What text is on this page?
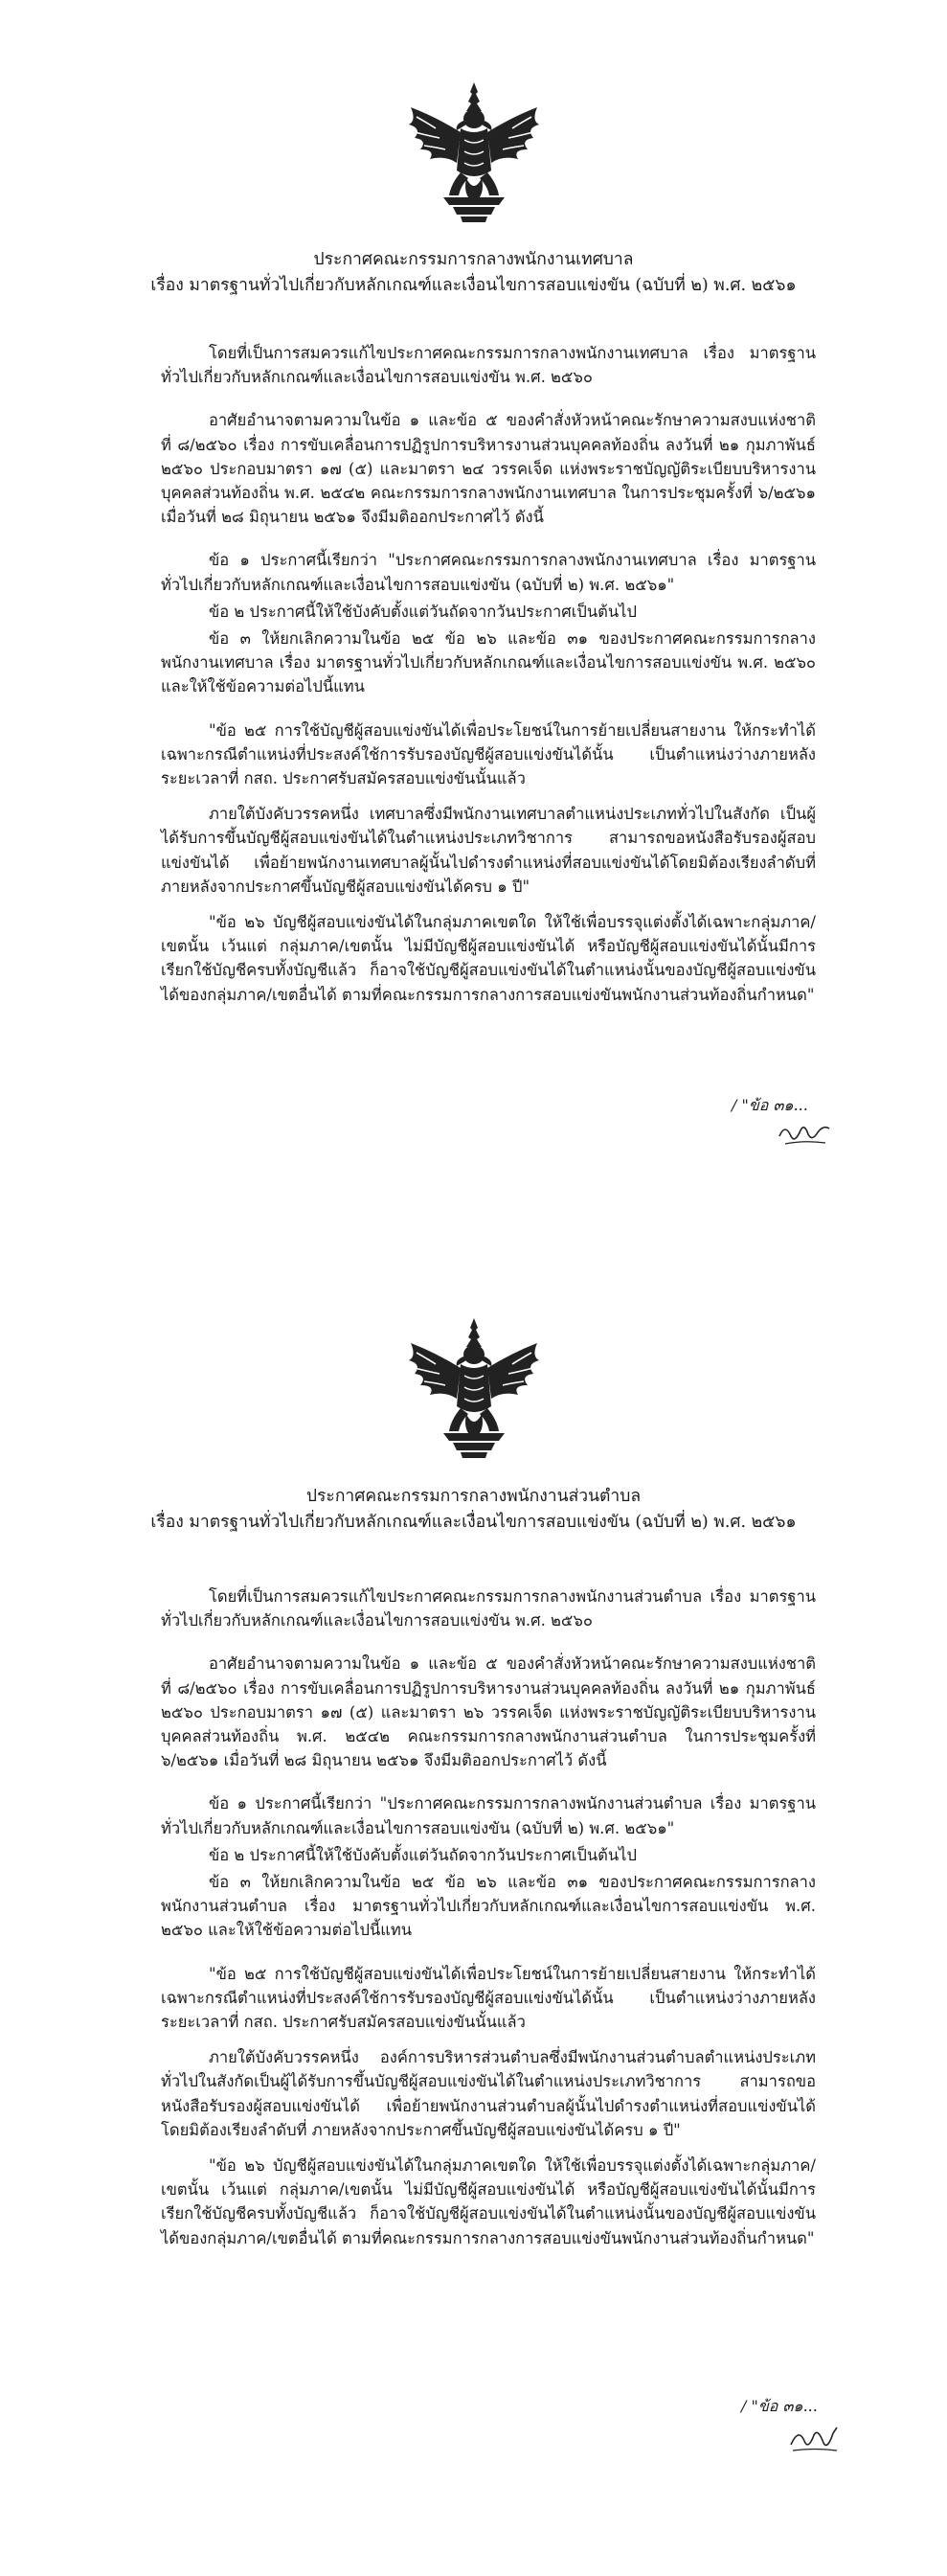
ประกาศคณะกรรมการกลางพนักงานเทศบาล
เรื่อง มาตรฐานทั่วไปเกี่ยวกับหลักเกณฑ์และเงื่อนไขการสอบแข่งขัน (ฉบับที่ ๒) พ.ศ. ๒๕๖๑

โดยที่เป็นการสมควรแก้ไขประกาศคณะกรรมการกลางพนักงานเทศบาล เรื่อง มาตรฐานทั่วไปเกี่ยวกับหลักเกณฑ์และเงื่อนไขการสอบแข่งขัน พ.ศ. ๒๕๖๐

อาศัยอำนาจตามความในข้อ ๑ และข้อ ๕ ของคำสั่งหัวหน้าคณะรักษาความสงบแห่งชาติ ที่ ๘/๒๕๖๐ เรื่อง การขับเคลื่อนการปฏิรูปการบริหารงานส่วนบุคคลท้องถิ่น ลงวันที่ ๒๑ กุมภาพันธ์ ๒๕๖๐ ประกอบมาตรา ๑๗ (๕) และมาตรา ๒๔ วรรคเจ็ด แห่งพระราชบัญญัติระเบียบบริหารงานบุคคลส่วนท้องถิ่น พ.ศ. ๒๕๔๒ คณะกรรมการกลางพนักงานเทศบาล ในการประชุมครั้งที่ ๖/๒๕๖๑ เมื่อวันที่ ๒๘ มิถุนายน ๒๕๖๑ จึงมีมติออกประกาศไว้ ดังนี้

ข้อ ๑ ประกาศนี้เรียกว่า "ประกาศคณะกรรมการกลางพนักงานเทศบาล เรื่อง มาตรฐานทั่วไปเกี่ยวกับหลักเกณฑ์และเงื่อนไขการสอบแข่งขัน (ฉบับที่ ๒) พ.ศ. ๒๕๖๑"

ข้อ ๒ ประกาศนี้ให้ใช้บังคับตั้งแต่วันถัดจากวันประกาศเป็นต้นไป

ข้อ ๓ ให้ยกเลิกความในข้อ ๒๕ ข้อ ๒๖ และข้อ ๓๑ ของประกาศคณะกรรมการกลางพนักงานเทศบาล เรื่อง มาตรฐานทั่วไปเกี่ยวกับหลักเกณฑ์และเงื่อนไขการสอบแข่งขัน พ.ศ. ๒๕๖๐ และให้ใช้ข้อความต่อไปนี้แทน

"ข้อ ๒๕ การใช้บัญชีผู้สอบแข่งขันได้เพื่อประโยชน์ในการย้ายเปลี่ยนสายงาน ให้กระทำได้เฉพาะกรณีตำแหน่งที่ประสงค์ใช้การรับรองบัญชีผู้สอบแข่งขันได้นั้น เป็นตำแหน่งว่างภายหลังระยะเวลาที่ กสถ. ประกาศรับสมัครสอบแข่งขันนั้นแล้ว

ภายใต้บังคับวรรคหนึ่ง เทศบาลซึ่งมีพนักงานเทศบาลตำแหน่งประเภททั่วไปในสังกัด เป็นผู้ได้รับการขึ้นบัญชีผู้สอบแข่งขันได้ในตำแหน่งประเภทวิชาการ สามารถขอหนังสือรับรองผู้สอบแข่งขันได้ เพื่อย้ายพนักงานเทศบาลผู้นั้นไปดำรงตำแหน่งที่สอบแข่งขันได้โดยมิต้องเรียงลำดับที่ ภายหลังจากประกาศขึ้นบัญชีผู้สอบแข่งขันได้ครบ ๑ ปี"

"ข้อ ๒๖ บัญชีผู้สอบแข่งขันได้ในกลุ่มภาคเขตใด ให้ใช้เพื่อบรรจุแต่งตั้งได้เฉพาะกลุ่มภาค/เขตนั้น เว้นแต่ กลุ่มภาค/เขตนั้น ไม่มีบัญชีผู้สอบแข่งขันได้ หรือบัญชีผู้สอบแข่งขันได้นั้นมีการเรียกใช้บัญชีครบทั้งบัญชีแล้ว ก็อาจใช้บัญชีผู้สอบแข่งขันได้ในตำแหน่งนั้นของบัญชีผู้สอบแข่งขันได้ของกลุ่มภาค/เขตอื่นได้ ตามที่คณะกรรมการกลางการสอบแข่งขันพนักงานส่วนท้องถิ่นกำหนด"

/ "ข้อ ๓๑...
ประกาศคณะกรรมการกลางพนักงานส่วนตำบล
เรื่อง มาตรฐานทั่วไปเกี่ยวกับหลักเกณฑ์และเงื่อนไขการสอบแข่งขัน (ฉบับที่ ๒) พ.ศ. ๒๕๖๑

โดยที่เป็นการสมควรแก้ไขประกาศคณะกรรมการกลางพนักงานส่วนตำบล เรื่อง มาตรฐานทั่วไปเกี่ยวกับหลักเกณฑ์และเงื่อนไขการสอบแข่งขัน พ.ศ. ๒๕๖๐

อาศัยอำนาจตามความในข้อ ๑ และข้อ ๕ ของคำสั่งหัวหน้าคณะรักษาความสงบแห่งชาติ ที่ ๘/๒๕๖๐ เรื่อง การขับเคลื่อนการปฏิรูปการบริหารงานส่วนบุคคลท้องถิ่น ลงวันที่ ๒๑ กุมภาพันธ์ ๒๕๖๐ ประกอบมาตรา ๑๗ (๕) และมาตรา ๒๖ วรรคเจ็ด แห่งพระราชบัญญัติระเบียบบริหารงานบุคคลส่วนท้องถิ่น พ.ศ. ๒๕๔๒ คณะกรรมการกลางพนักงานส่วนตำบล ในการประชุมครั้งที่ ๖/๒๕๖๑ เมื่อวันที่ ๒๘ มิถุนายน ๒๕๖๑ จึงมีมติออกประกาศไว้ ดังนี้

ข้อ ๑ ประกาศนี้เรียกว่า "ประกาศคณะกรรมการกลางพนักงานส่วนตำบล เรื่อง มาตรฐานทั่วไปเกี่ยวกับหลักเกณฑ์และเงื่อนไขการสอบแข่งขัน (ฉบับที่ ๒) พ.ศ. ๒๕๖๑"

ข้อ ๒ ประกาศนี้ให้ใช้บังคับตั้งแต่วันถัดจากวันประกาศเป็นต้นไป

ข้อ ๓ ให้ยกเลิกความในข้อ ๒๕ ข้อ ๒๖ และข้อ ๓๑ ของประกาศคณะกรรมการกลางพนักงานส่วนตำบล เรื่อง มาตรฐานทั่วไปเกี่ยวกับหลักเกณฑ์และเงื่อนไขการสอบแข่งขัน พ.ศ. ๒๕๖๐ และให้ใช้ข้อความต่อไปนี้แทน

"ข้อ ๒๕ การใช้บัญชีผู้สอบแข่งขันได้เพื่อประโยชน์ในการย้ายเปลี่ยนสายงาน ให้กระทำได้เฉพาะกรณีตำแหน่งที่ประสงค์ใช้การรับรองบัญชีผู้สอบแข่งขันได้นั้น เป็นตำแหน่งว่างภายหลังระยะเวลาที่ กสถ. ประกาศรับสมัครสอบแข่งขันนั้นแล้ว

ภายใต้บังคับวรรคหนึ่ง องค์การบริหารส่วนตำบลซึ่งมีพนักงานส่วนตำบลตำแหน่งประเภททั่วไปในสังกัดเป็นผู้ได้รับการขึ้นบัญชีผู้สอบแข่งขันได้ในตำแหน่งประเภทวิชาการ สามารถขอหนังสือรับรองผู้สอบแข่งขันได้ เพื่อย้ายพนักงานส่วนตำบลผู้นั้นไปดำรงตำแหน่งที่สอบแข่งขันได้โดยมิต้องเรียงลำดับที่ ภายหลังจากประกาศขึ้นบัญชีผู้สอบแข่งขันได้ครบ ๑ ปี"

"ข้อ ๒๖ บัญชีผู้สอบแข่งขันได้ในกลุ่มภาคเขตใด ให้ใช้เพื่อบรรจุแต่งตั้งได้เฉพาะกลุ่มภาค/เขตนั้น เว้นแต่ กลุ่มภาค/เขตนั้น ไม่มีบัญชีผู้สอบแข่งขันได้ หรือบัญชีผู้สอบแข่งขันได้นั้นมีการเรียกใช้บัญชีครบทั้งบัญชีแล้ว ก็อาจใช้บัญชีผู้สอบแข่งขันได้ในตำแหน่งนั้นของบัญชีผู้สอบแข่งขันได้ของกลุ่มภาค/เขตอื่นได้ ตามที่คณะกรรมการกลางการสอบแข่งขันพนักงานส่วนท้องถิ่นกำหนด"

/ "ข้อ ๓๑...
